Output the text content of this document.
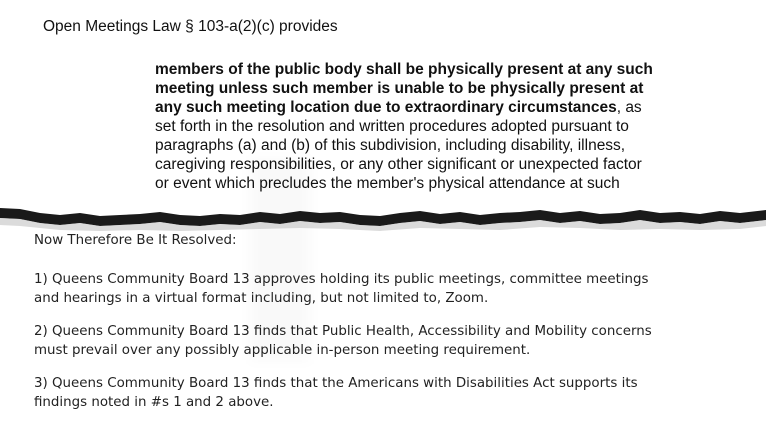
Open Meetings Law § 103-a(2)(c) provides
members of the public body shall be physically present at any such
meeting unless such member is unable to be physically present at
any such meeting location due to extraordinary circumstances, as
set forth in the resolution and written procedures adopted pursuant to
paragraphs (a) and (b) of this subdivision, including disability, illness,
caregiving responsibilities, or any other significant or unexpected factor
or event which precludes the member's physical attendance at such

Now Therefore Be It Resolved:

1) Queens Community Board 13 approves holding its public meetings, committee meetings
and hearings in a virtual format including, but not limited to, Zoom.
2) Queens Community Board 13 finds that Public Health, Accessibility and Mobility concerns
must prevail over any possibly applicable in-person meeting requirement.
3) Queens Community Board 13 finds that the Americans with Disabilities Act supports its
findings noted in #s 1 and 2 above.
